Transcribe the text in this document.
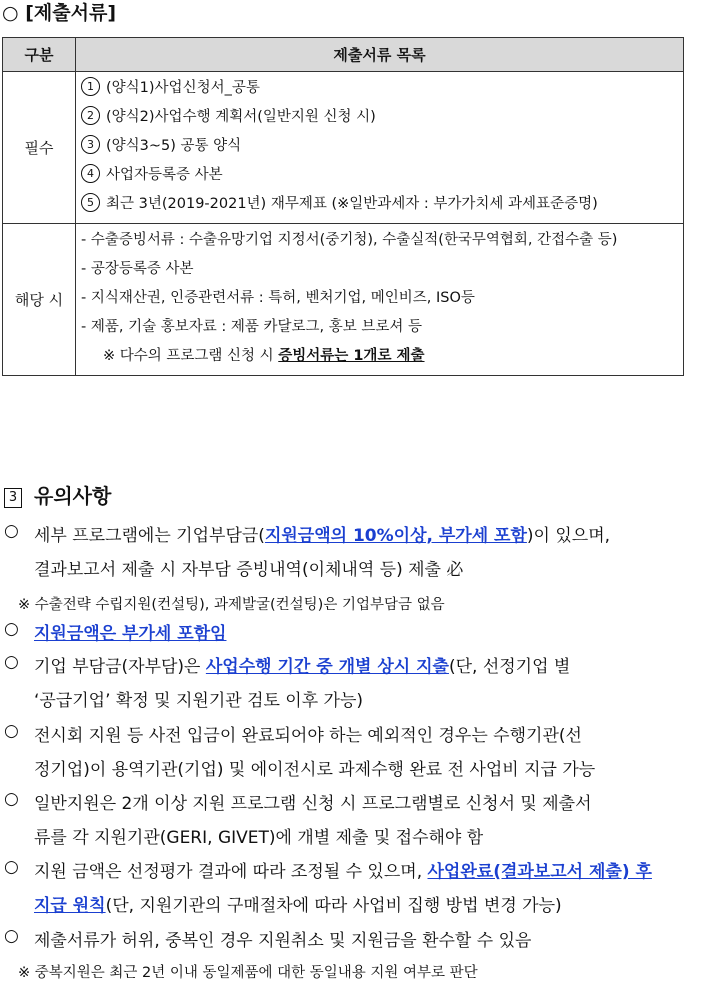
○ [제출서류]
구분	제출서류 목록
필수	1 (양식1)사업신청서_공통
2 (양식2)사업수행 계획서(일반지원 신청 시)
3 (양식3~5) 공통 양식
4 사업자등록증 사본
5 최근 3년(2019-2021년) 재무제표 (※일반과세자 : 부가가치세 과세표준증명)

해당 시	- 수출증빙서류 : 수출유망기업 지정서(중기청), 수출실적(한국무역협회, 간접수출 등)
- 공장등록증 사본
- 지식재산권, 인증관련서류 : 특허, 벤처기업, 메인비즈, ISO등
- 제품, 기술 홍보자료 : 제품 카달로그, 홍보 브로셔 등
※ 다수의 프로그램 신청 시 증빙서류는 1개로 제출
3 유의사항
○ 세부 프로그램에는 기업부담금(지원금액의 10%이상, 부가세 포함)이 있으며,
결과보고서 제출 시 자부담 증빙내역(이체내역 등) 제출 必
※ 수출전략 수립지원(컨설팅), 과제발굴(컨설팅)은 기업부담금 없음
○ 지원금액은 부가세 포함임
○ 기업 부담금(자부담)은 사업수행 기간 중 개별 상시 지출(단, 선정기업 별
‘공급기업’ 확정 및 지원기관 검토 이후 가능)
○ 전시회 지원 등 사전 입금이 완료되어야 하는 예외적인 경우는 수행기관(선
정기업)이 용역기관(기업) 및 에이전시로 과제수행 완료 전 사업비 지급 가능
○ 일반지원은 2개 이상 지원 프로그램 신청 시 프로그램별로 신청서 및 제출서
류를 각 지원기관(GERI, GIVET)에 개별 제출 및 접수해야 함
○ 지원 금액은 선정평가 결과에 따라 조정될 수 있으며, 사업완료(결과보고서 제출) 후
지급 원칙(단, 지원기관의 구매절차에 따라 사업비 집행 방법 변경 가능)
○ 제출서류가 허위, 중복인 경우 지원취소 및 지원금을 환수할 수 있음
※ 중복지원은 최근 2년 이내 동일제품에 대한 동일내용 지원 여부로 판단
